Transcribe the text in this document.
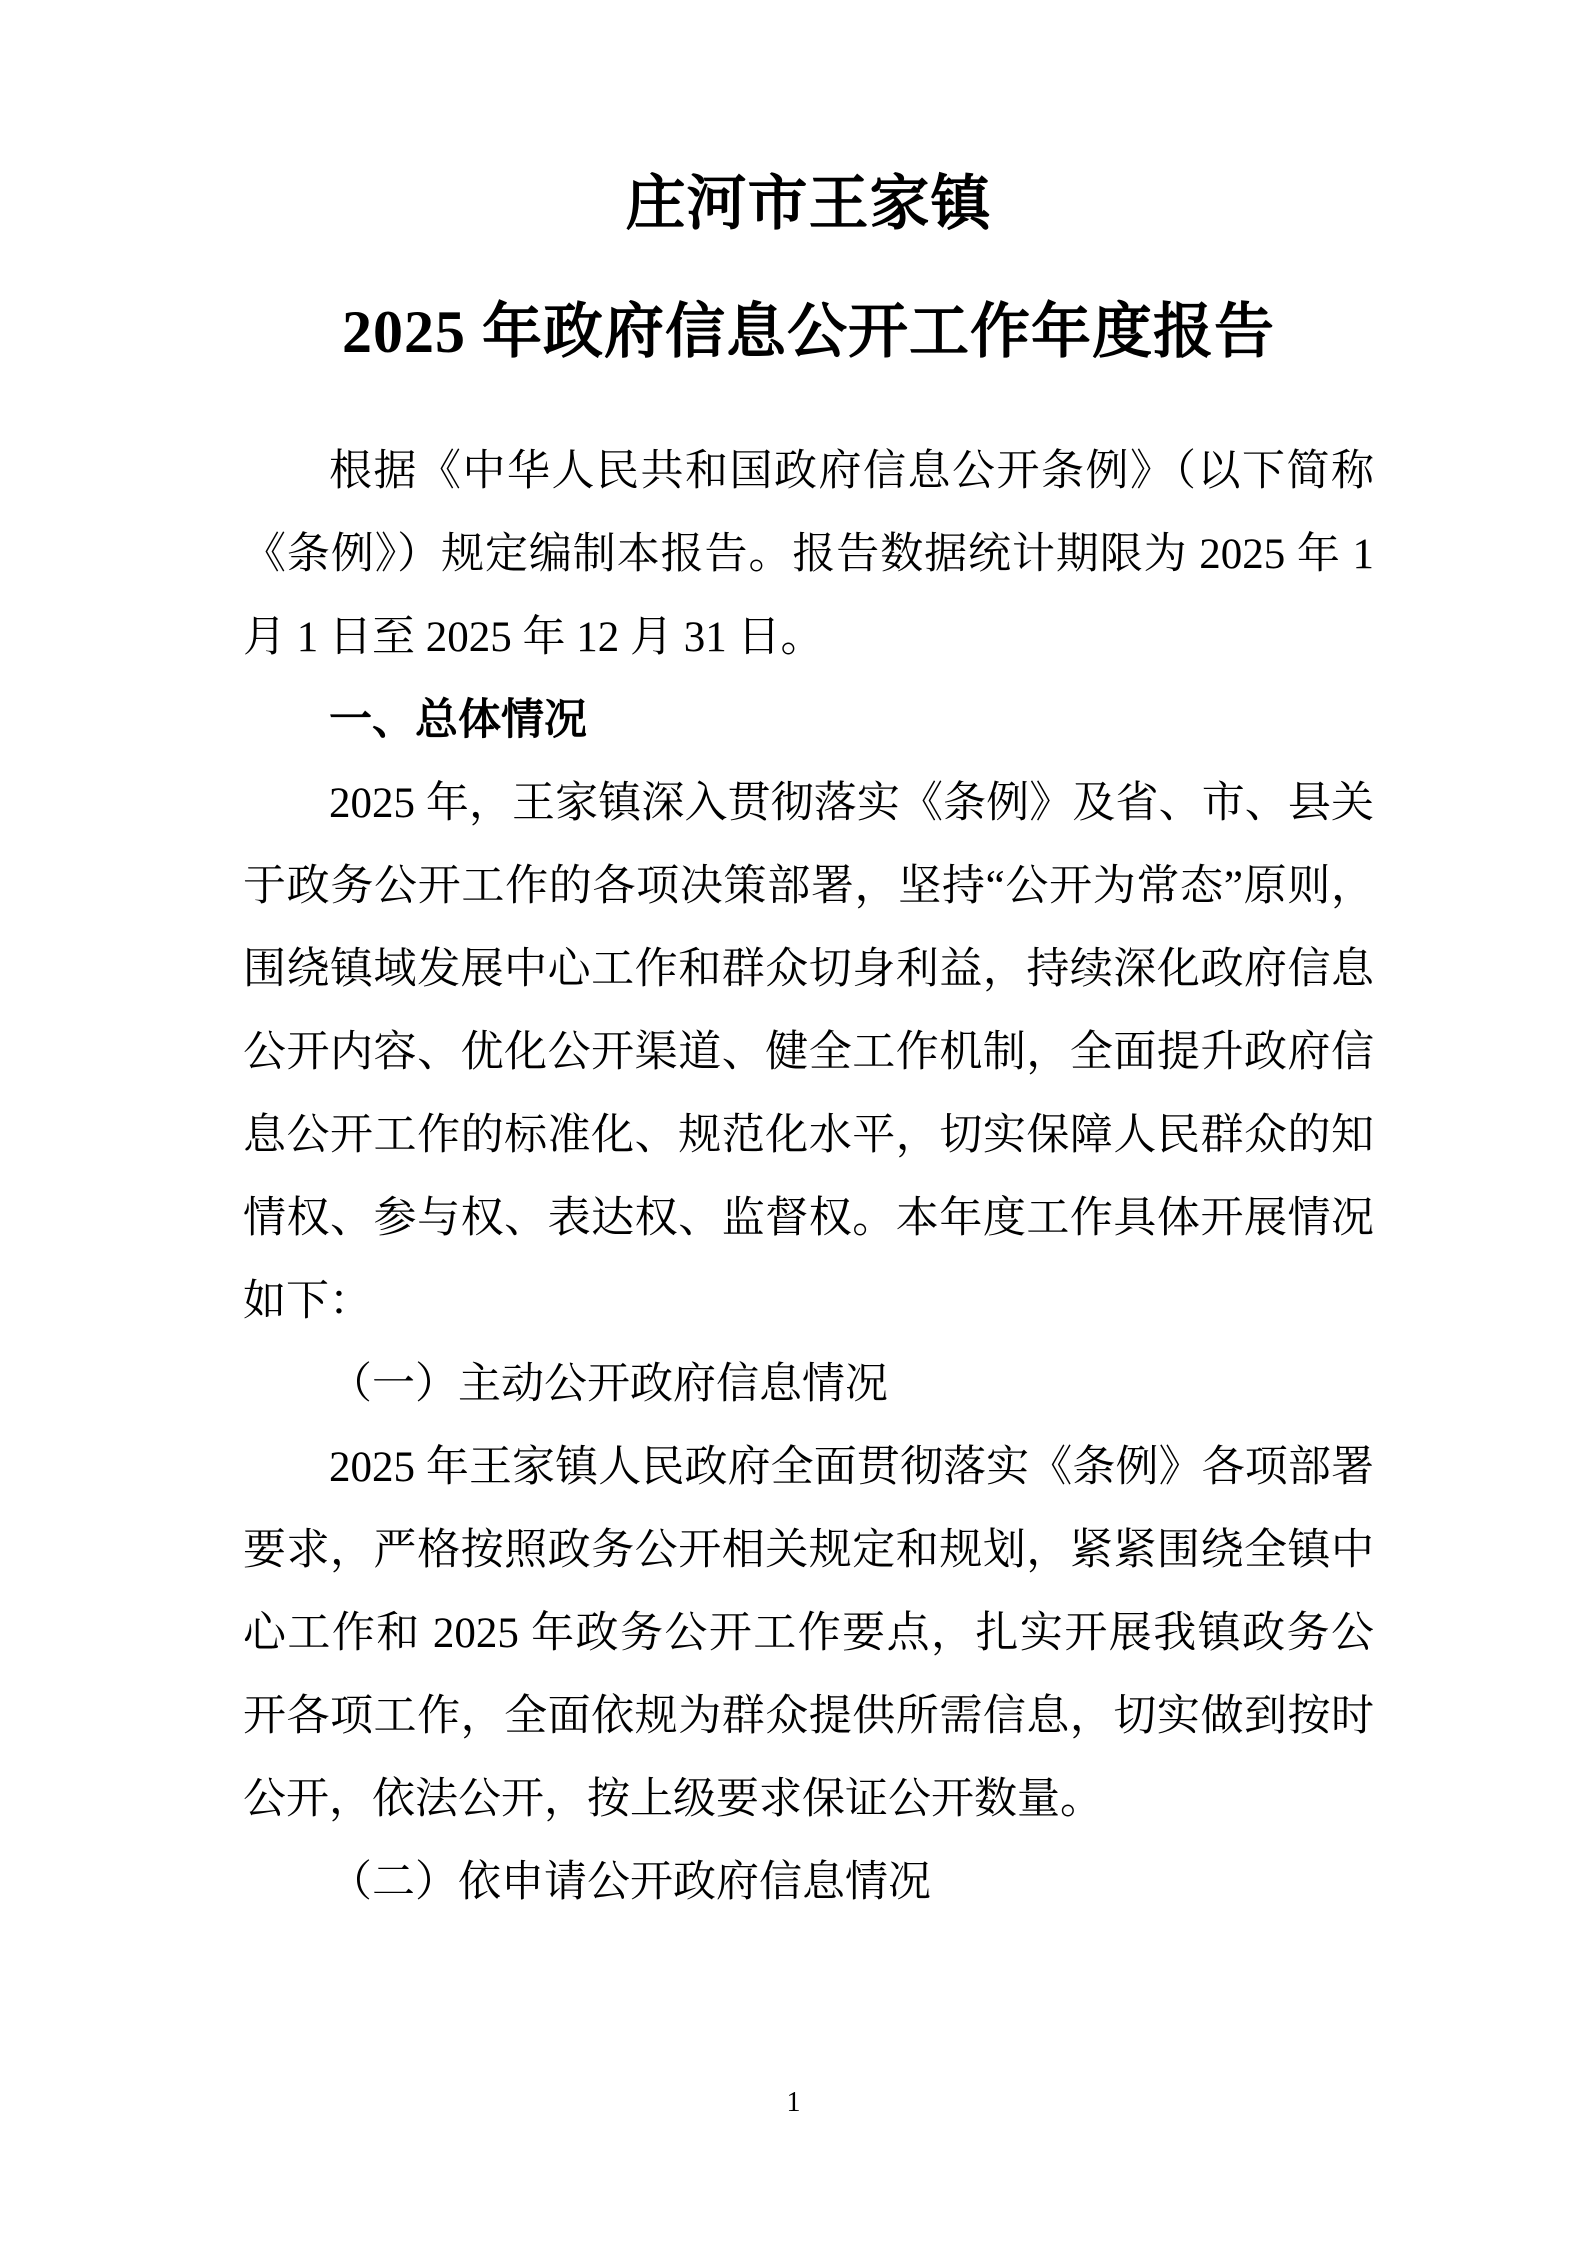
庄河市王家镇
2025 年政府信息公开工作年度报告

根据《中华人民共和国政府信息公开条例》（以下简称《条例》）规定编制本报告。报告数据统计期限为 2025 年 1 月 1 日至 2025 年 12 月 31 日。

一、总体情况

2025 年，王家镇深入贯彻落实《条例》及省、市、县关于政务公开工作的各项决策部署，坚持“公开为常态”原则，围绕镇域发展中心工作和群众切身利益，持续深化政府信息公开内容、优化公开渠道、健全工作机制，全面提升政府信息公开工作的标准化、规范化水平，切实保障人民群众的知情权、参与权、表达权、监督权。本年度工作具体开展情况如下：

（一）主动公开政府信息情况

2025 年王家镇人民政府全面贯彻落实《条例》各项部署要求，严格按照政务公开相关规定和规划，紧紧围绕全镇中心工作和 2025 年政务公开工作要点，扎实开展我镇政务公开各项工作，全面依规为群众提供所需信息，切实做到按时公开，依法公开，按上级要求保证公开数量。

（二）依申请公开政府信息情况

1
